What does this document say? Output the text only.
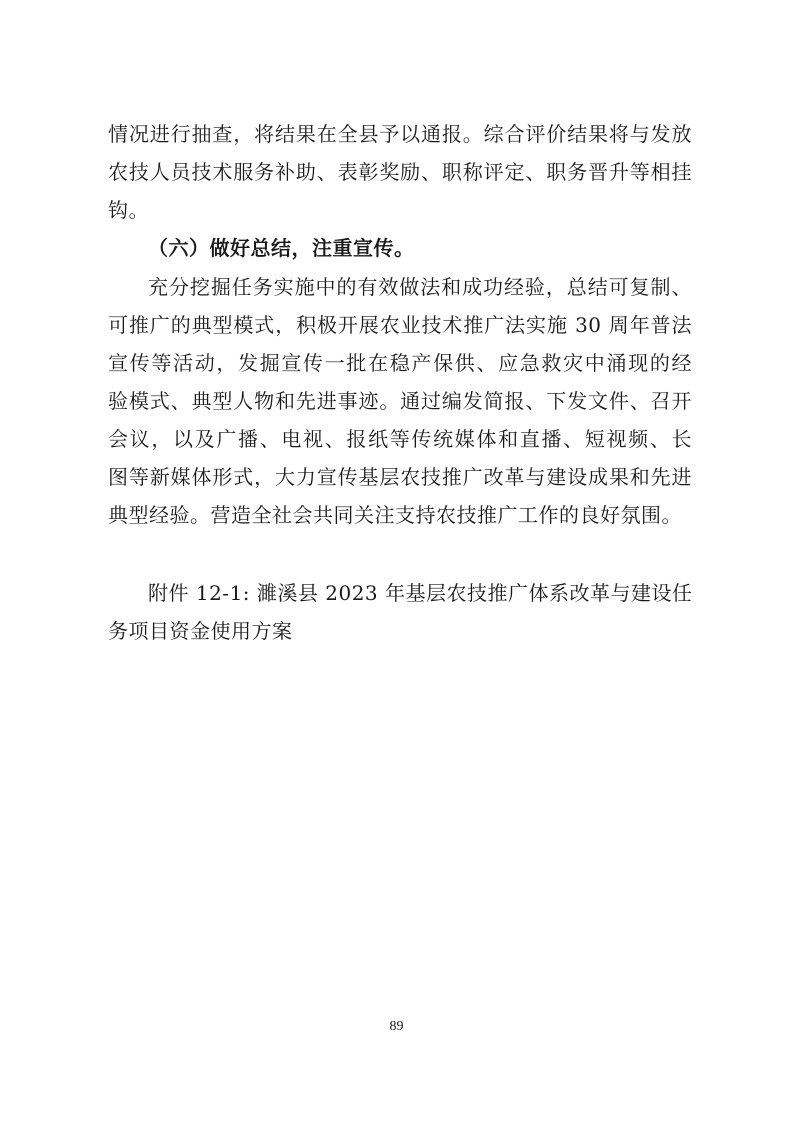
情况进行抽查，将结果在全县予以通报。综合评价结果将与发放
农技人员技术服务补助、表彰奖励、职称评定、职务晋升等相挂
钩。
（六）做好总结，注重宣传。
充分挖掘任务实施中的有效做法和成功经验，总结可复制、
可推广的典型模式，积极开展农业技术推广法实施 30 周年普法
宣传等活动，发掘宣传一批在稳产保供、应急救灾中涌现的经
验模式、典型人物和先进事迹。通过编发简报、下发文件、召开
会议，以及广播、电视、报纸等传统媒体和直播、短视频、长
图等新媒体形式，大力宣传基层农技推广改革与建设成果和先进
典型经验。营造全社会共同关注支持农技推广工作的良好氛围。
附件 12-1: 濉溪县 2023 年基层农技推广体系改革与建设任
务项目资金使用方案
89
